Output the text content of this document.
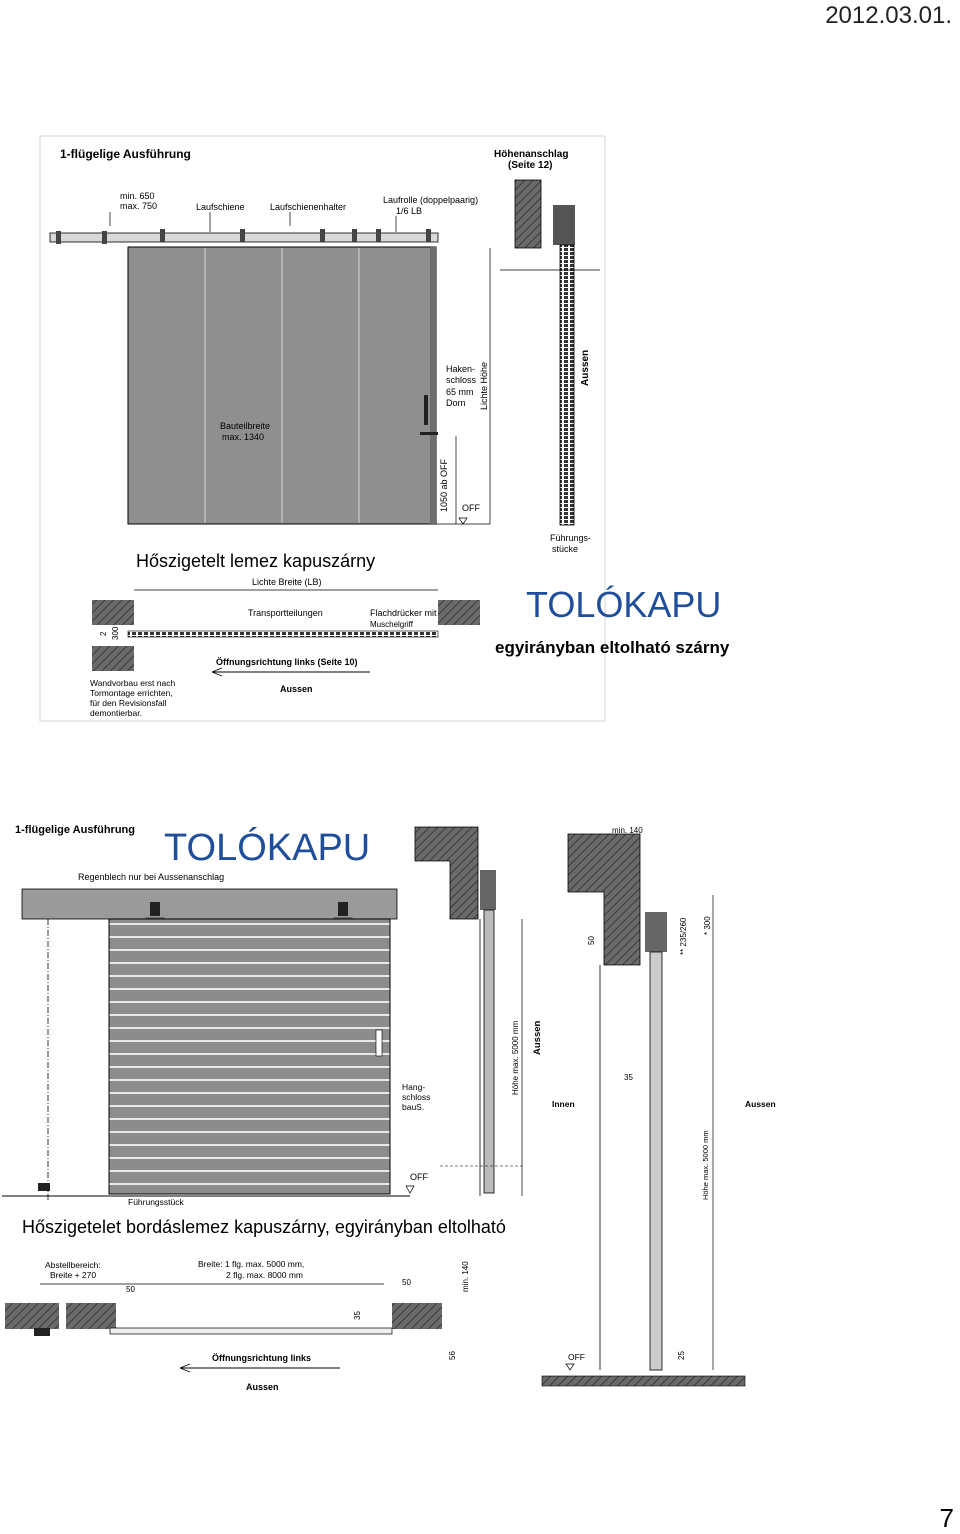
2012.03.01.
1-flügelige Ausführung	Höhenanschlag
(Seite 12)
min. 650
max. 750	Laufschiene	Laufschienenhalter
Laufrolle (doppelpaarig)
1/6 LB
Bauteilbreite
max. 1340
Haken-
schloss
65 mm
Dorn Lichte Höhe
1050 ab OFF OFF
Aussen
Führungs-
stücke
Hőszigetelt lemez kapuszárny
Lichte Breite (LB)
Transportteilungen	Flachdrücker mit
Muschelgriff
300
2
Öffnungsrichtung links (Seite 10)
Aussen
Wandvorbau erst nach
Tormontage errichten,
für den Revisionsfall
demontierbar.
TOLÓKAPU
egyirányban eltolható szárny
1-flügelige Ausführung TOLÓKAPU
Regenblech nur bei Aussenanschlag
Hang-
schloss
bauS.
OFF
Führungsstück
Höhe max. 5000 mm Aussen
min. 140
50	** 235/260 * 300
35
Innen	Aussen
Höhe max. 5000 mm
25
OFF
Hőszigetelet bordáslemez kapuszárny, egyirányban eltolható
Abstellbereich:
Breite + 270
Breite: 1 flg. max. 5000 mm,
2 flg. max. 8000 mm
50
50	min. 140
35
56
Öffnungsrichtung links
Aussen
7
